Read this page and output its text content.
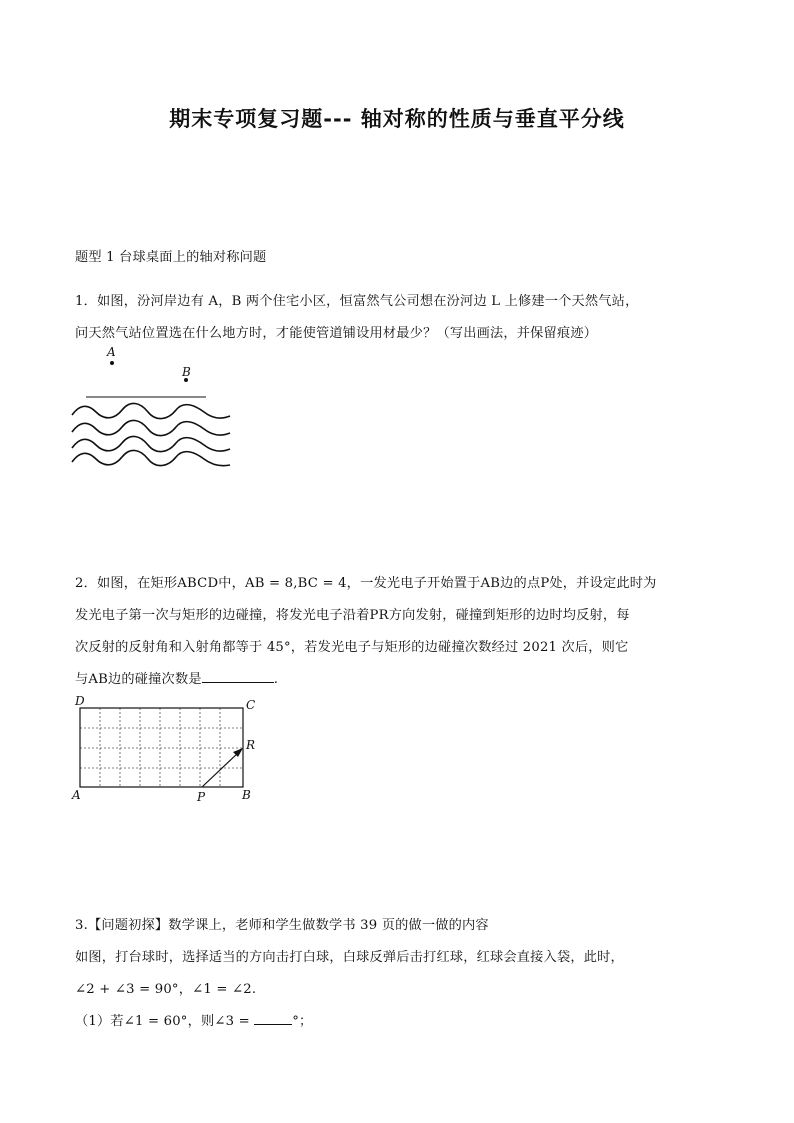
期末专项复习题--- 轴对称的性质与垂直平分线
题型 1 台球桌面上的轴对称问题
1．如图，汾河岸边有 A，B 两个住宅小区，恒富然气公司想在汾河边 L 上修建一个天然气站，
问天然气站位置选在什么地方时，才能使管道铺设用材最少？（写出画法，并保留痕迹）
A
B
2．如图，在矩形ABCD中，AB = 8,BC = 4，一发光电子开始置于AB边的点P处，并设定此时为
发光电子第一次与矩形的边碰撞，将发光电子沿着PR方向发射，碰撞到矩形的边时均反射，每
次反射的反射角和入射角都等于 45°，若发光电子与矩形的边碰撞次数经过 2021 次后，则它
与AB边的碰撞次数是	.
D	C
R
A	P	B
3.【问题初探】数学课上，老师和学生做数学书 39 页的做一做的内容
如图，打台球时，选择适当的方向击打白球，白球反弹后击打红球，红球会直接入袋，此时，
∠2 + ∠3 = 90°，∠1 = ∠2.
（1）若∠1 = 60°，则∠3 =	°；
